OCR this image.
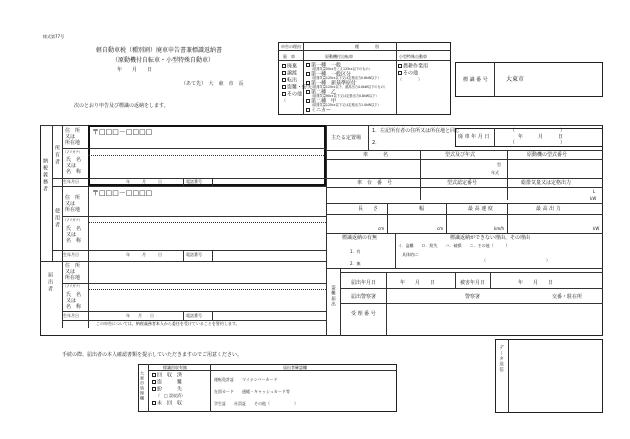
様式第77号
軽自動車税（種別割）廃車申告書兼標識返納書
（原動機付自転車・小型特殊自動車）
年　　月　　日
（あて先）　大　東　市　長
次のとおり申告及び標識の返納をします。
申告の理由	種　　　　別
廃　車	原動機付自転車	小型特殊自動車
廃棄
譲渡
転出
盗難・紛失
その他
（　　　　）
第一種　一般
（総排気量50ccをこえ125cc以下のもの）
第一種　一般区分
（総排気量125cc以下又は定格出力0.6kW以下）
第一種　新基準原付
（総排気量125cc以下、最高出力4.0kW以下のもの）
第二種　乙
（総排気量90cc以下又は定格出力0.8kW以下）
第二種　甲
（総排気量125cc以下又は定格出力1.0kW以下）
ミニカー
農耕作業用
その他
（　　　　）	標 識 番 号	大東市
廃 車 年 月 日	年　　　月　　　日
納税義務者
所有者
住　所
又は
所在地
〒□□□－□□□□
（フリガナ）
氏　名
又は
名　称
生年月日	年　　　月　　　日	電話番号
使用者
〒□□□－□□□□
住　所
又は
所在地
（フリガナ）
氏　名
又は
名　称
生年月日	年　　　月　　　日	電話番号
届出者
住　所
又は
所在地
（フリガナ）
氏　名
又は
名　称
生年月日	年　　月　　日	電話番号
この申告については、納税義務者本人から委任を受けていることを誓約します。
主たる定置場
1．左記所有者の住所又は所在地と同じ	（　　　　　　　　　）
2．	（　　　　　　　　　）
車　　　名	型式及び年式	原動機の型式番号
型
年式
車　台　番　号	型式認定番号	総排気量又は定格出力
L
kW
長　　さ	幅	最 高 速 度	最 高 出 力
cm	cm	km/h	kW
標識返納の有無	標識返納ができない理由、その理由
イ．盗難　　ロ．紛失　　ハ．破損　　ニ．その他（　　　）
1．有
具体的に：
（　　　　　　　　　　　　　　　）
2．無
盗難届出
届出年月日	年　　月　　日	被害年月日	年　　月　　日
届出警察署	警察署	交番・駐在所
受 理 番 号
手続の際、届出者の本人確認書類を提示していただきますのでご用意ください。
大東市処理欄
標識回収有無	届出者確認欄
回　収　済
盗　　　難
紛　　　失
（　□ 誤収済）
未　回　収
運転免許証　　マイナンバーカード
在留カード　　通帳・キャッシュカード等
学生証　　社員証　　その他（　　　　　　）
データ送信
